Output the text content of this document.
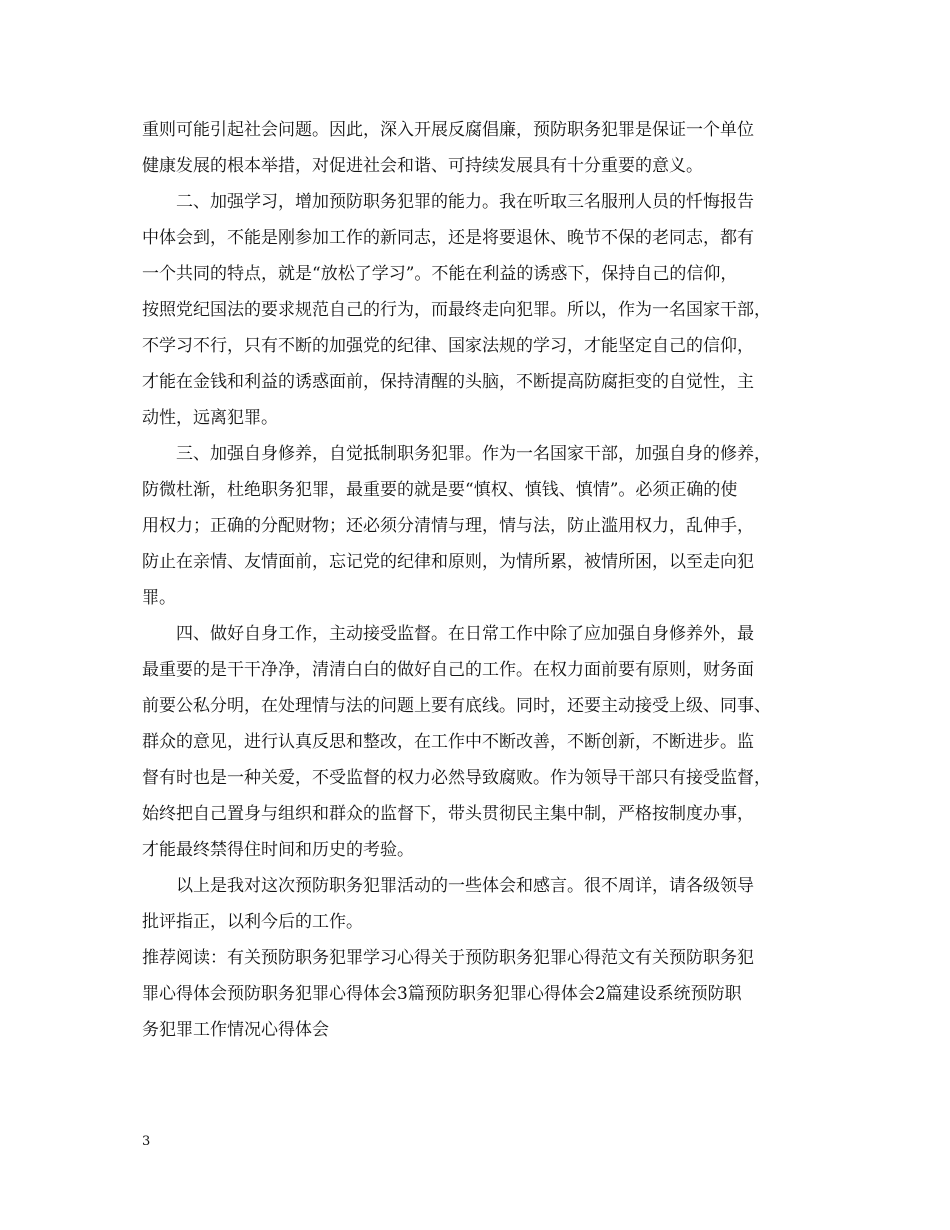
重则可能引起社会问题。因此，深入开展反腐倡廉，预防职务犯罪是保证一个单位
健康发展的根本举措，对促进社会和谐、可持续发展具有十分重要的意义。
二、加强学习，增加预防职务犯罪的能力。我在听取三名服刑人员的忏悔报告
中体会到，不能是刚参加工作的新同志，还是将要退休、晚节不保的老同志，都有
一个共同的特点，就是“放松了学习”。不能在利益的诱惑下，保持自己的信仰，
按照党纪国法的要求规范自己的行为，而最终走向犯罪。所以，作为一名国家干部，
不学习不行，只有不断的加强党的纪律、国家法规的学习，才能坚定自己的信仰，
才能在金钱和利益的诱惑面前，保持清醒的头脑，不断提高防腐拒变的自觉性，主
动性，远离犯罪。
三、加强自身修养，自觉抵制职务犯罪。作为一名国家干部，加强自身的修养，
防微杜渐，杜绝职务犯罪，最重要的就是要“慎权、慎钱、慎情”。必须正确的使
用权力；正确的分配财物；还必须分清情与理，情与法，防止滥用权力，乱伸手，
防止在亲情、友情面前，忘记党的纪律和原则，为情所累，被情所困，以至走向犯
罪。
四、做好自身工作，主动接受监督。在日常工作中除了应加强自身修养外，最
最重要的是干干净净，清清白白的做好自己的工作。在权力面前要有原则，财务面
前要公私分明，在处理情与法的问题上要有底线。同时，还要主动接受上级、同事、
群众的意见，进行认真反思和整改，在工作中不断改善，不断创新，不断进步。监
督有时也是一种关爱，不受监督的权力必然导致腐败。作为领导干部只有接受监督，
始终把自己置身与组织和群众的监督下，带头贯彻民主集中制，严格按制度办事，
才能最终禁得住时间和历史的考验。
以上是我对这次预防职务犯罪活动的一些体会和感言。很不周详，请各级领导
批评指正，以利今后的工作。
推荐阅读：有关预防职务犯罪学习心得关于预防职务犯罪心得范文有关预防职务犯
罪心得体会预防职务犯罪心得体会3篇预防职务犯罪心得体会2篇建设系统预防职
务犯罪工作情况心得体会
3
